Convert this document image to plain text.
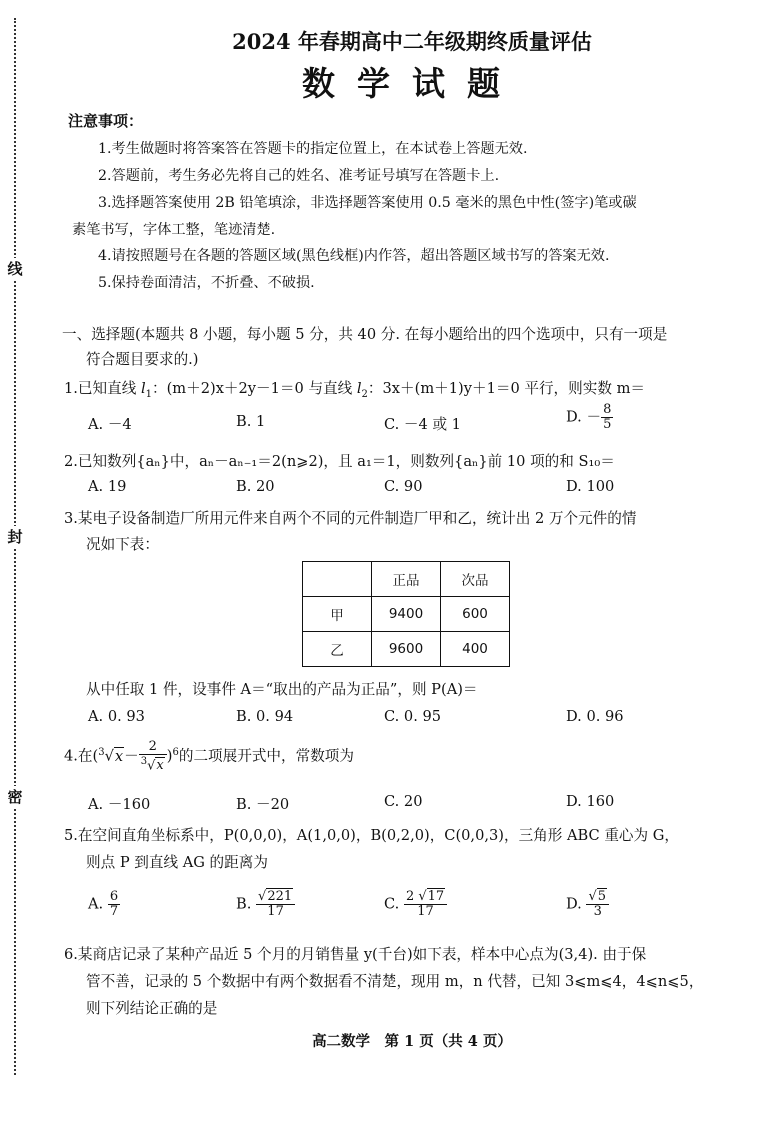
线
封
密
2024 年春期高中二年级期终质量评估
数学试题
注意事项：
1.考生做题时将答案答在答题卡的指定位置上，在本试卷上答题无效.
2.答题前，考生务必先将自己的姓名、准考证号填写在答题卡上.
3.选择题答案使用 2B 铅笔填涂，非选择题答案使用 0.5 毫米的黑色中性(签字)笔或碳
素笔书写，字体工整，笔迹清楚.
4.请按照题号在各题的答题区域(黑色线框)内作答，超出答题区域书写的答案无效.
5.保持卷面清洁，不折叠、不破损.
一、选择题(本题共 8 小题，每小题 5 分，共 40 分. 在每小题给出的四个选项中，只有一项是
符合题目要求的.)
1.已知直线 $l_1$：(m＋2)x＋2y－1＝0 与直线 $l_2$：3x＋(m＋1)y＋1＝0 平行，则实数 m＝
A. －4	B. 1	C. －4 或 1	D. － $\frac{8}{5}$
2.已知数列{aₙ}中，aₙ－aₙ₋₁＝2(n⩾2)，且 a₁＝1，则数列{aₙ}前 10 项的和 S₁₀＝
A. 19	B. 20	C. 90	D. 100
3.某电子设备制造厂所用元件来自两个不同的元件制造厂甲和乙，统计出 2 万个元件的情
况如下表：
	正品	次品
甲	9400	600
乙	9600	400
从中任取 1 件，设事件 A＝“取出的产品为正品”，则 P(A)＝
A. 0. 93	B. 0. 94	C. 0. 95	D. 0. 96
4.在$(^3√x- \frac{2}{^3√x} )^6$的二项展开式中，常数项为
A. －160	B. －20	C. 20	D. 160
5.在空间直角坐标系中，P(0,0,0)，A(1,0,0)，B(0,2,0)，C(0,0,3)，三角形 ABC 重心为 G，
则点 P 到直线 AG 的距离为
A. $\frac{6}{7}$	B. $\frac{√221}{17}$	C. $\frac{2 √17}{17}$	D. $\frac{√5}{3}$
6.某商店记录了某种产品近 5 个月的月销售量 y(千台)如下表，样本中心点为(3,4). 由于保
管不善，记录的 5 个数据中有两个数据看不清楚，现用 m，n 代替，已知 3⩽m⩽4，4⩽n⩽5，
则下列结论正确的是
高二数学　第 1 页（共 4 页）
